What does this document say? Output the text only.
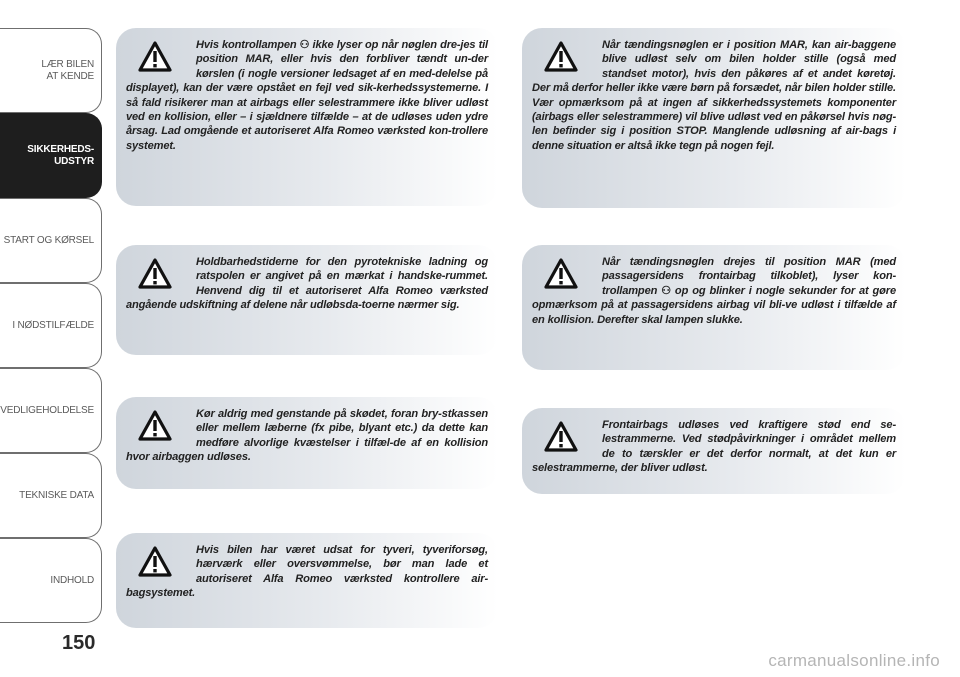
LÆR BILEN
AT KENDE
SIKKERHEDS-
UDSTYR
START OG KØRSEL
I NØDSTILFÆLDE
VEDLIGEHOLDELSE
TEKNISKE DATA
INDHOLD
150

Hvis kontrollampen ⚇ ikke lyser op når nøglen dre-jes til position MAR, eller hvis den forbliver tændt un-der kørslen (i nogle versioner ledsaget af en med-delelse på displayet), kan der være opstået en fejl ved sik-kerhedssystemerne. I så fald risikerer man at airbags eller selestrammere ikke bliver udløst ved en kollision, eller – i sjældnere tilfælde – at de udløses uden ydre årsag. Lad omgående et autoriseret Alfa Romeo værksted kon-trollere systemet.

Holdbarhedstiderne for den pyrotekniske ladning og ratspolen er angivet på en mærkat i handske-rummet. Henvend dig til et autoriseret Alfa Romeo værksted angående udskiftning af delene når udløbsda-toerne nærmer sig.

Kør aldrig med genstande på skødet, foran bry-stkassen eller mellem læberne (fx pibe, blyant etc.) da dette kan medføre alvorlige kvæstelser i tilfæl-de af en kollision hvor airbaggen udløses.

Hvis bilen har været udsat for tyveri, tyveriforsøg, hærværk eller oversvømmelse, bør man lade et autoriseret Alfa Romeo værksted kontrollere air-bagsystemet.

Når tændingsnøglen er i position MAR, kan air-baggene blive udløst selv om bilen holder stille (også med standset motor), hvis den påkøres af et andet køretøj. Der må derfor heller ikke være børn på forsædet, når bilen holder stille. Vær opmærksom på at ingen af sikkerhedssystemets komponenter (airbags eller selestrammere) vil blive udløst ved en påkørsel hvis nøg-len befinder sig i position STOP. Manglende udløsning af air-bags i denne situation er altså ikke tegn på nogen fejl.

Når tændingsnøglen drejes til position MAR (med passagersidens frontairbag tilkoblet), lyser kon-trollampen ⚇ op og blinker i nogle sekunder for at gøre opmærksom på at passagersidens airbag vil bli-ve udløst i tilfælde af en kollision. Derefter skal lampen slukke.

Frontairbags udløses ved kraftigere stød end se-lestrammerne. Ved stødpåvirkninger i området mellem de to tærskler er det derfor normalt, at det kun er selestrammerne, der bliver udløst.

carmanualsonline.info
